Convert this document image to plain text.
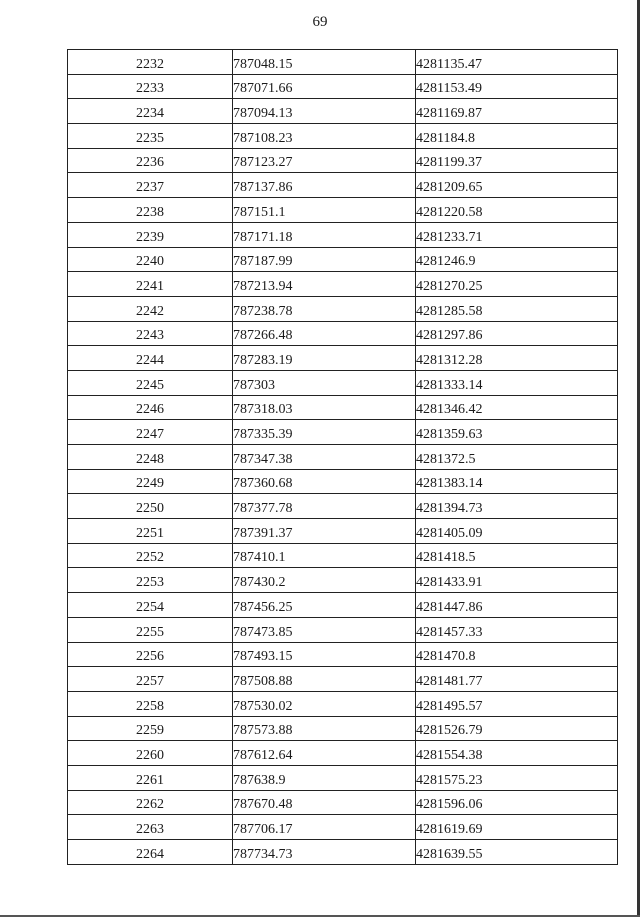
69
2232	787048.15	4281135.47
2233	787071.66	4281153.49
2234	787094.13	4281169.87
2235	787108.23	4281184.8
2236	787123.27	4281199.37
2237	787137.86	4281209.65
2238	787151.1	4281220.58
2239	787171.18	4281233.71
2240	787187.99	4281246.9
2241	787213.94	4281270.25
2242	787238.78	4281285.58
2243	787266.48	4281297.86
2244	787283.19	4281312.28
2245	787303	4281333.14
2246	787318.03	4281346.42
2247	787335.39	4281359.63
2248	787347.38	4281372.5
2249	787360.68	4281383.14
2250	787377.78	4281394.73
2251	787391.37	4281405.09
2252	787410.1	4281418.5
2253	787430.2	4281433.91
2254	787456.25	4281447.86
2255	787473.85	4281457.33
2256	787493.15	4281470.8
2257	787508.88	4281481.77
2258	787530.02	4281495.57
2259	787573.88	4281526.79
2260	787612.64	4281554.38
2261	787638.9	4281575.23
2262	787670.48	4281596.06
2263	787706.17	4281619.69
2264	787734.73	4281639.55
